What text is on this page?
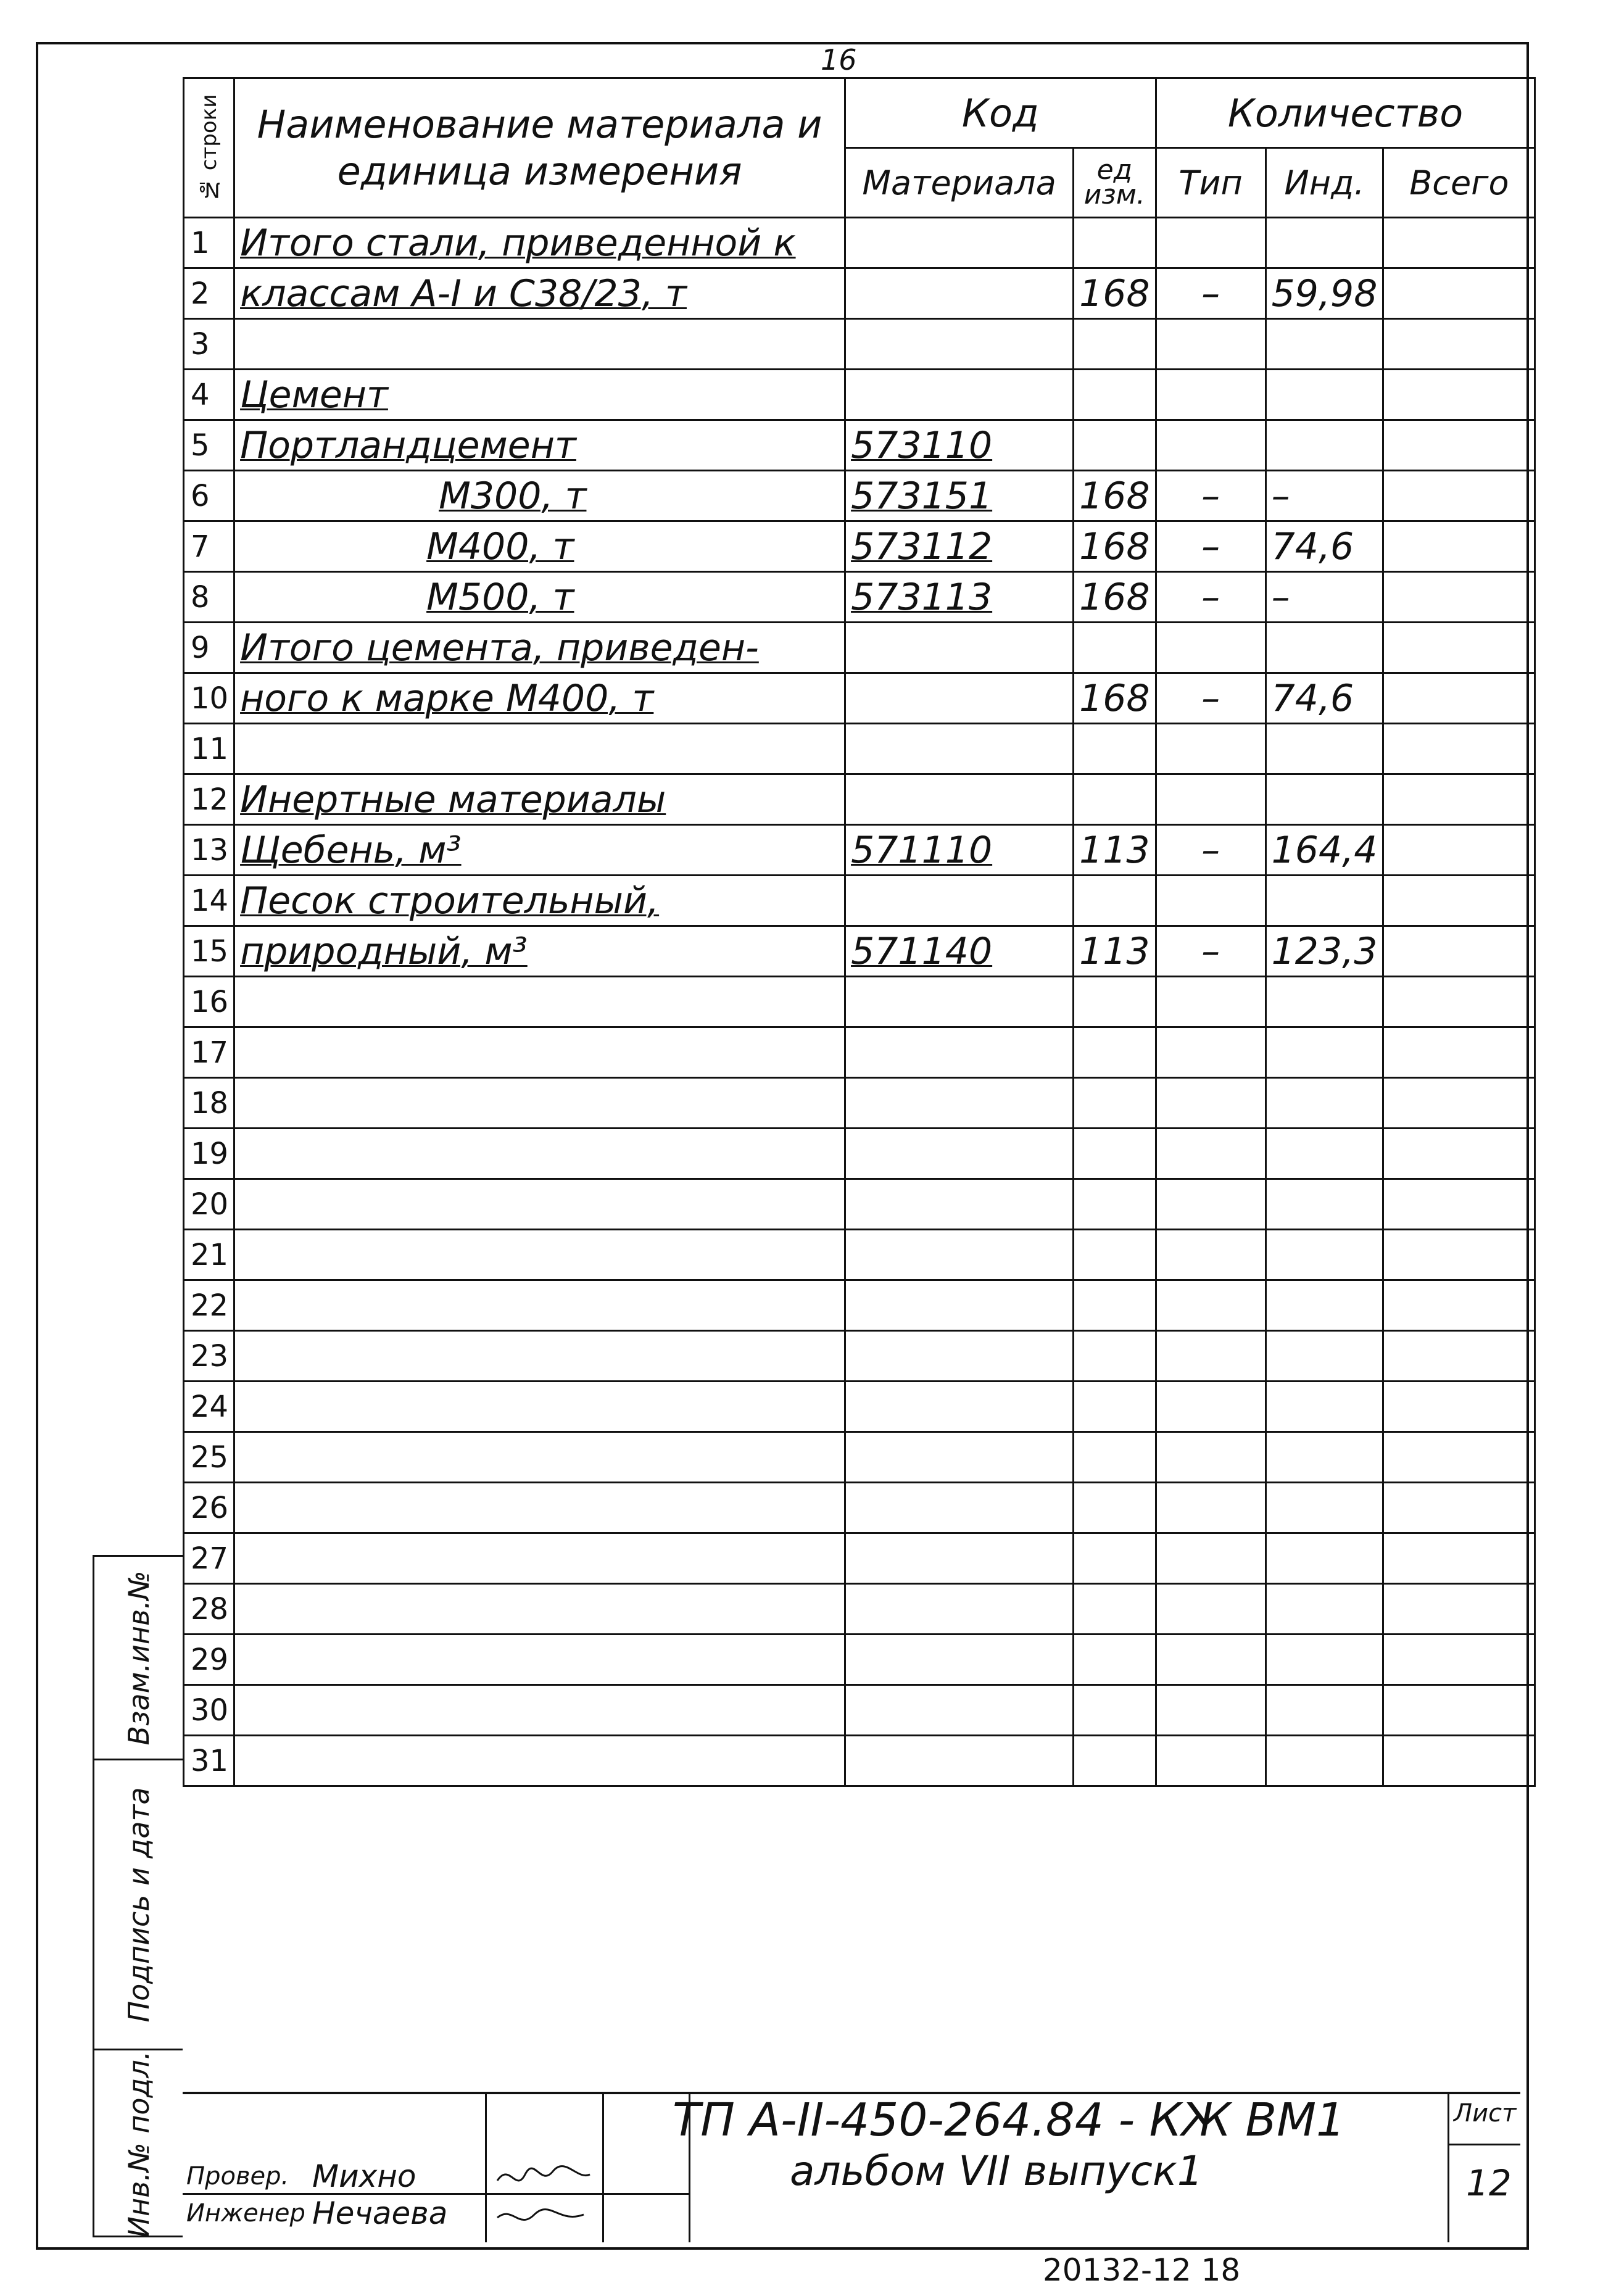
16
№ строки	Наименование материала и единица измерения	Код		Количество		
		Материала	ед изм.	Тип	Инд.	Всего
1	Итого стали, приведенной к					
2	классам А-I и С38/23, т		168	–	59,98	
3						
4	Цемент					
5	Портландцемент	573110				
6	М300, т	573151	168	–	–	
7	М400, т	573112	168	–	74,6	
8	М500, т	573113	168	–	–	
9	Итого цемента, приведен-					
10	ного к марке М400, т		168	–	74,6	
11						
12	Инертные материалы					
13	Щебень, м³	571110	113	–	164,4	
14	Песок строительный,					
15	природный, м³	571140	113	–	123,3	
16						
17						
18						
19						
20						
21						
22						
23						
24						
25						
26						
27						
28						
29						
30						
31						
Взам.инв.№
Подпись и дата
Инв.№ подл. Провер. Михно
Инженер Нечаева
Лист
12
ТП А-II-450-264.84 - КЖ ВМ1
альбом VII выпуск1
20132-12 18
